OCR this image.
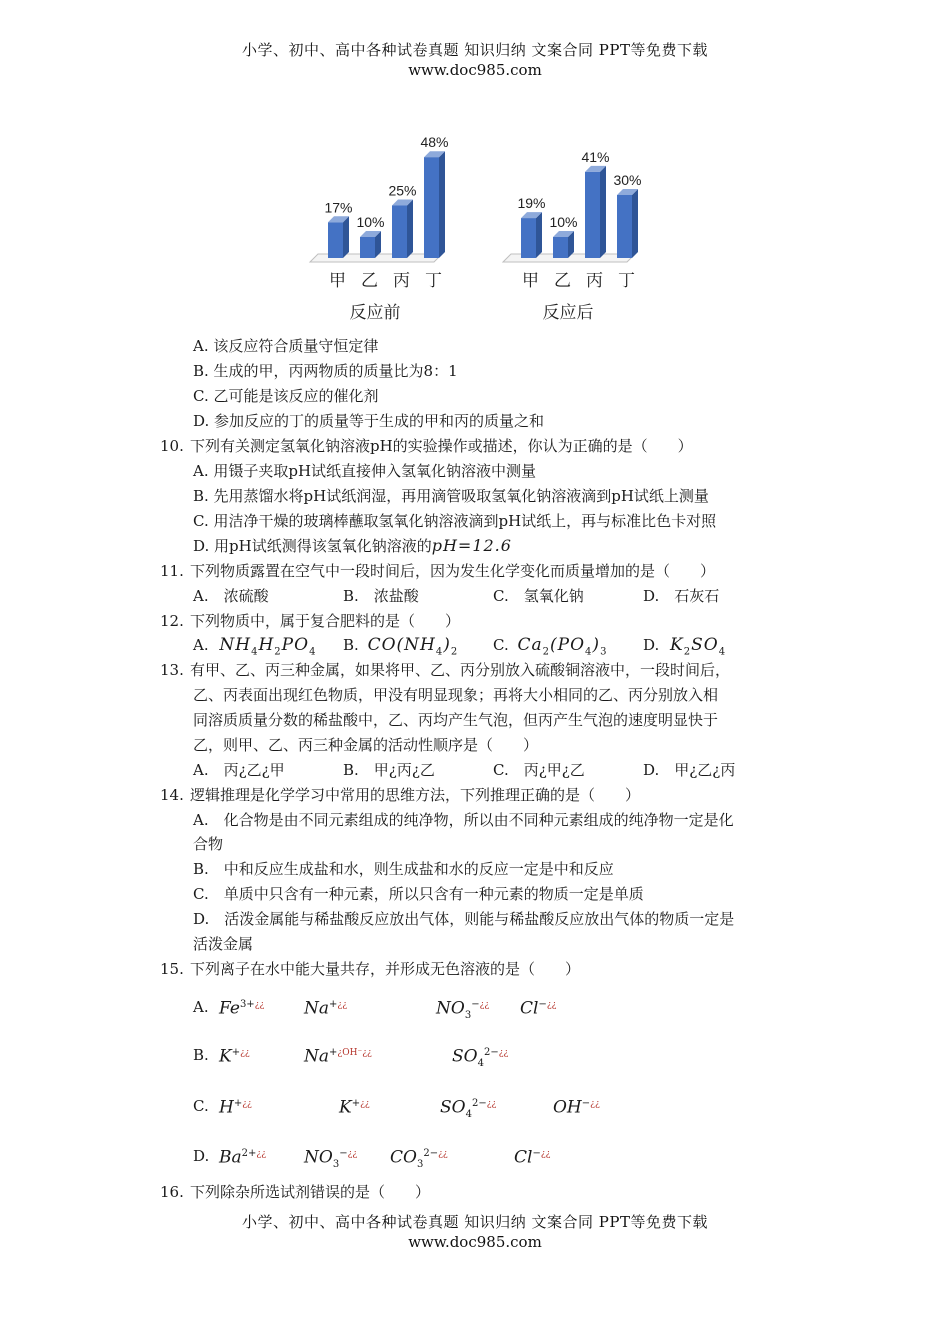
小学、初中、高中各种试卷真题 知识归纳 文案合同 PPT等免费下载
www.doc985.com
17%
甲
10%
乙
25%
丙
48%
丁
反应前
19%
甲
10%
乙
41%
丙
30%
丁
反应后
A. 该反应符合质量守恒定律
B. 生成的甲，丙两物质的质量比为8：1
C. 乙可能是该反应的催化剂
D. 参加反应的丁的质量等于生成的甲和丙的质量之和
10. 下列有关测定氢氧化钠溶液pH的实验操作或描述，你认为正确的是（　　）
A. 用镊子夹取pH试纸直接伸入氢氧化钠溶液中测量
B. 先用蒸馏水将pH试纸润湿，再用滴管吸取氢氧化钠溶液滴到pH试纸上测量
C. 用洁净干燥的玻璃棒蘸取氢氧化钠溶液滴到pH试纸上，再与标准比色卡对照
D. 用pH试纸测得该氢氧化钠溶液的pH=12.6
11. 下列物质露置在空气中一段时间后，因为发生化学变化而质量增加的是（　　）
A.　浓硫酸	B.　浓盐酸	C.　氢氧化钠	D.　石灰石
12. 下列物质中，属于复合肥料的是（　　）
A. $NH_4H_2PO_4$ B. $CO(NH_4)_2$ C. $Ca_2(PO_4)_3$ D. $K_2SO_4$
13. 有甲、乙、丙三种金属，如果将甲、乙、丙分别放入硫酸铜溶液中，一段时间后，
乙、丙表面出现红色物质，甲没有明显现象；再将大小相同的乙、丙分别放入相
同溶质质量分数的稀盐酸中，乙、丙均产生气泡，但丙产生气泡的速度明显快于
乙，则甲、乙、丙三种金属的活动性顺序是（　　）
A.　丙¿乙¿甲	B.　甲¿丙¿乙	C.　丙¿甲¿乙	D.　甲¿乙¿丙
14. 逻辑推理是化学学习中常用的思维方法，下列推理正确的是（　　）
A.　化合物是由不同元素组成的纯净物，所以由不同种元素组成的纯净物一定是化
合物
B.　中和反应生成盐和水，则生成盐和水的反应一定是中和反应
C.　单质中只含有一种元素，所以只含有一种元素的物质一定是单质
D.　活泼金属能与稀盐酸反应放出气体，则能与稀盐酸反应放出气体的物质一定是
活泼金属
15. 下列离子在水中能大量共存，并形成无色溶液的是（　　）
A. $Fe^{3+¿¿}$ Na+¿¿	$NO_3^{-¿¿}$ Cl−¿¿
B. K+¿¿	$Na^{+¿OH^-¿¿}$	$SO_4^{2-¿¿}$
C. H+¿¿	K+¿¿	$SO_4^{2-¿¿}$	OH−¿¿
D. $Ba^{2+¿¿}$ $NO_3^{-¿¿}$ $CO_3^{2-¿¿}$	Cl−¿¿
16. 下列除杂所选试剂错误的是（　　）
小学、初中、高中各种试卷真题 知识归纳 文案合同 PPT等免费下载
www.doc985.com
